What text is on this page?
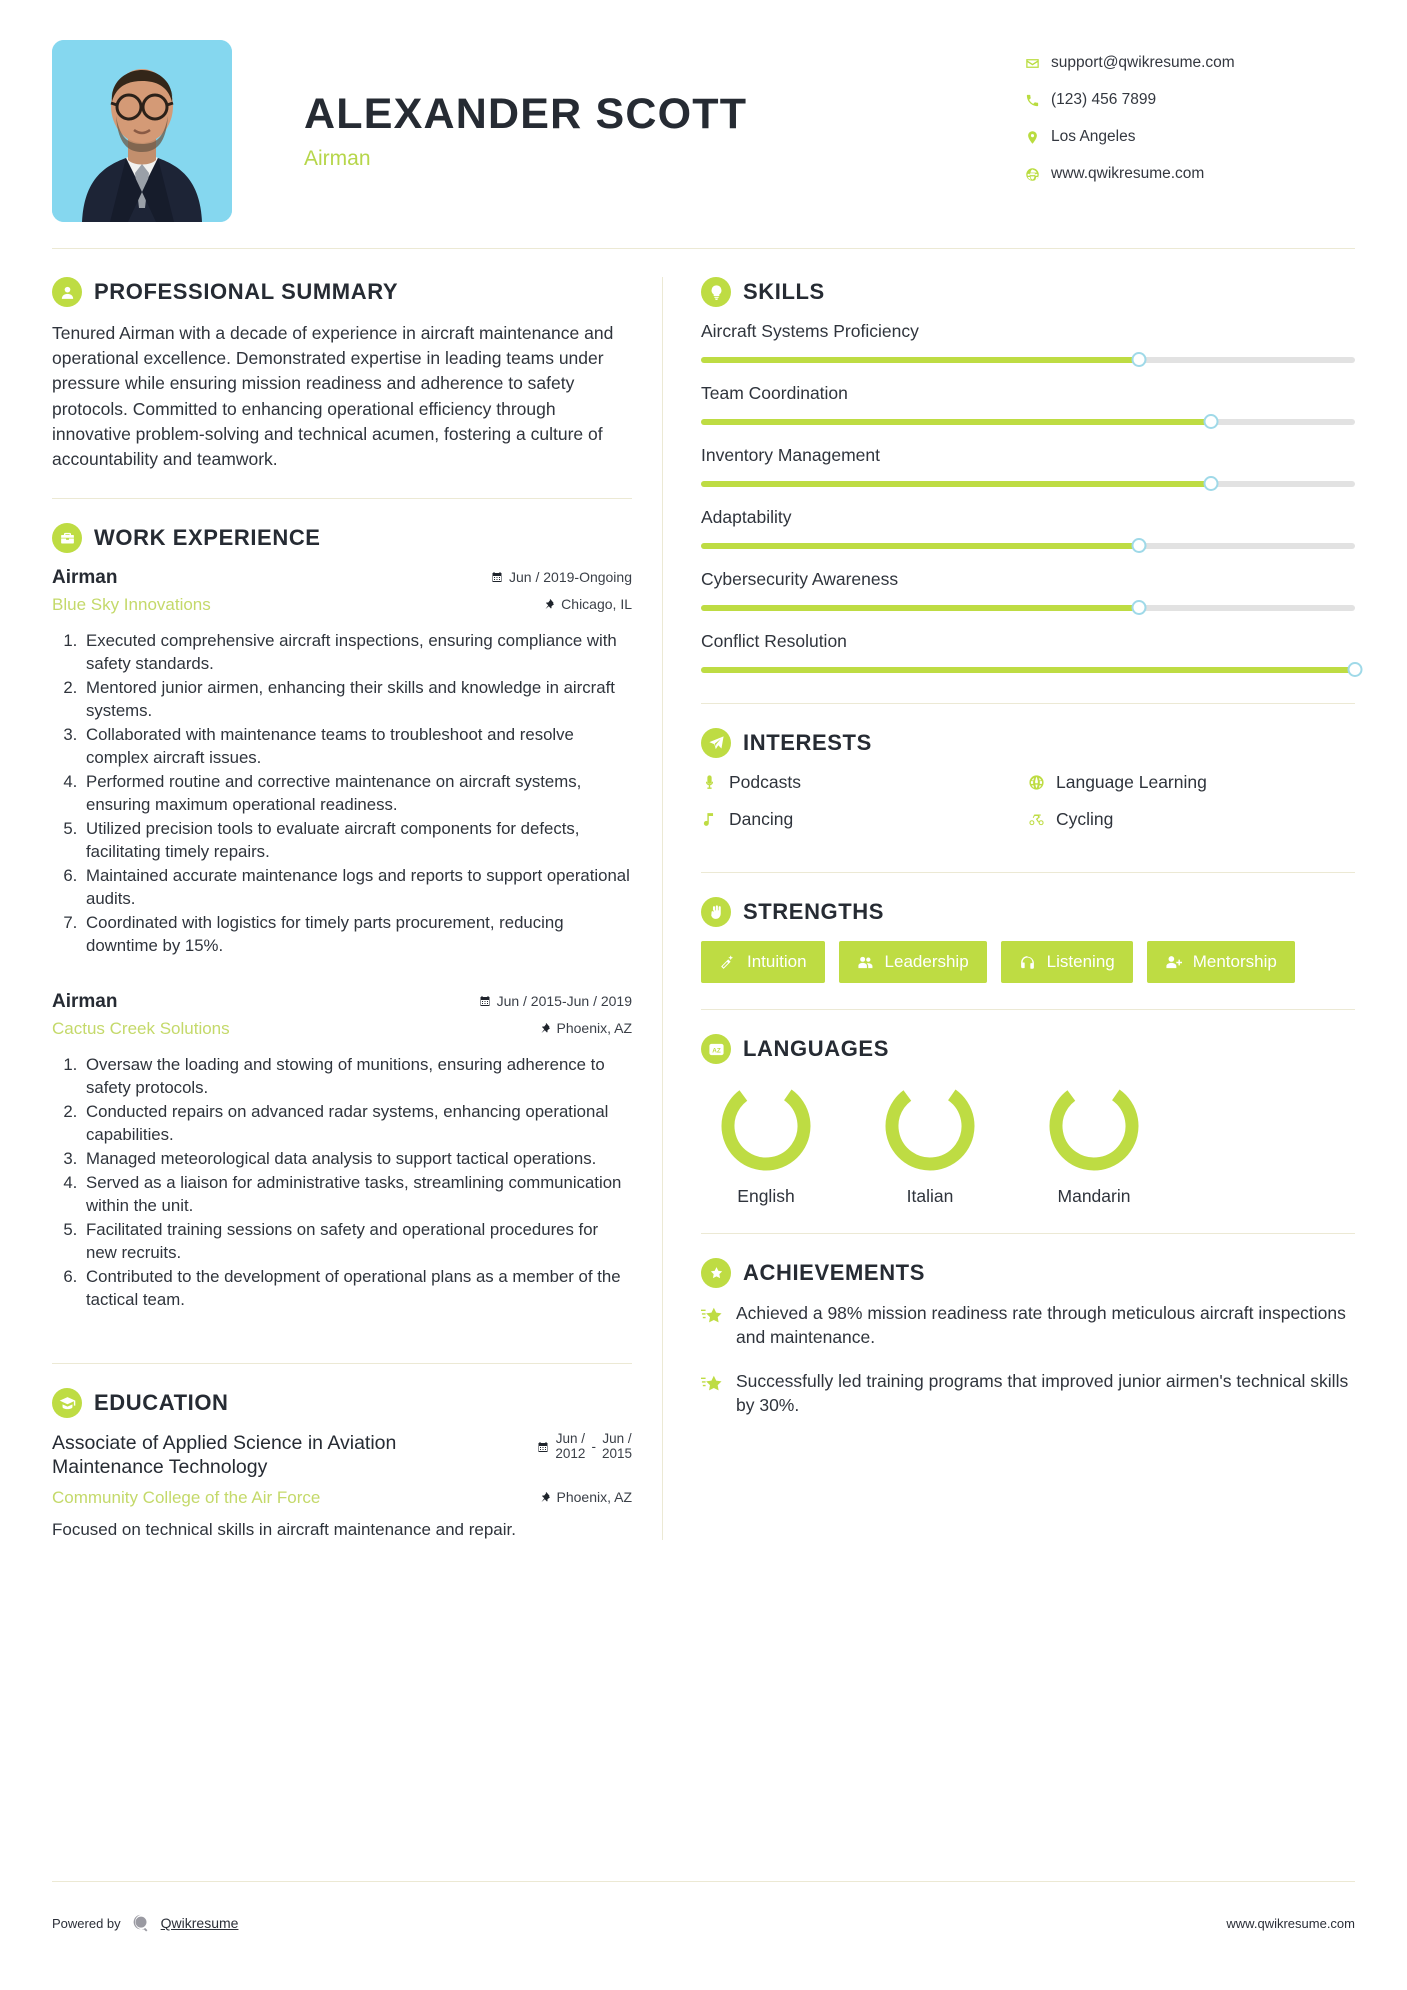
ALEXANDER SCOTT
Airman
support@qwikresume.com
(123) 456 7899
Los Angeles
www.qwikresume.com
PROFESSIONAL SUMMARY

Tenured Airman with a decade of experience in aircraft maintenance and operational excellence. Demonstrated expertise in leading teams under pressure while ensuring mission readiness and adherence to safety protocols. Committed to enhancing operational efficiency through innovative problem-solving and technical acumen, fostering a culture of accountability and teamwork.

WORK EXPERIENCE
Airman	Jun / 2019-Ongoing
Blue Sky Innovations	Chicago, IL
1. Executed comprehensive aircraft inspections, ensuring compliance with safety standards.
2. Mentored junior airmen, enhancing their skills and knowledge in aircraft systems.
3. Collaborated with maintenance teams to troubleshoot and resolve complex aircraft issues.
4. Performed routine and corrective maintenance on aircraft systems, ensuring maximum operational readiness.
5. Utilized precision tools to evaluate aircraft components for defects, facilitating timely repairs.
6. Maintained accurate maintenance logs and reports to support operational audits.
7. Coordinated with logistics for timely parts procurement, reducing downtime by 15%.
Airman	Jun / 2015-Jun / 2019
Cactus Creek Solutions	Phoenix, AZ
1. Oversaw the loading and stowing of munitions, ensuring adherence to safety protocols.
2. Conducted repairs on advanced radar systems, enhancing operational capabilities.
3. Managed meteorological data analysis to support tactical operations.
4. Served as a liaison for administrative tasks, streamlining communication within the unit.
5. Facilitated training sessions on safety and operational procedures for new recruits.
6. Contributed to the development of operational plans as a member of the tactical team.
EDUCATION
Associate of Applied Science in Aviation Maintenance Technology
Jun /
2012 - Jun /
2015
Community College of the Air Force	Phoenix, AZ

Focused on technical skills in aircraft maintenance and repair.

SKILLS
Aircraft Systems Proficiency
Team Coordination
Inventory Management
Adaptability
Cybersecurity Awareness
Conflict Resolution
INTERESTS
Podcasts	Language Learning
Dancing	Cycling
STRENGTHS
Intuition	Leadership	Listening	Mentorship
AZ LANGUAGES
English	Italian	Mandarin
ACHIEVEMENTS
Achieved a 98% mission readiness rate through meticulous aircraft inspections and maintenance.
Successfully led training programs that improved junior airmen's technical skills by 30%.
Powered by	Qwikresume	www.qwikresume.com
